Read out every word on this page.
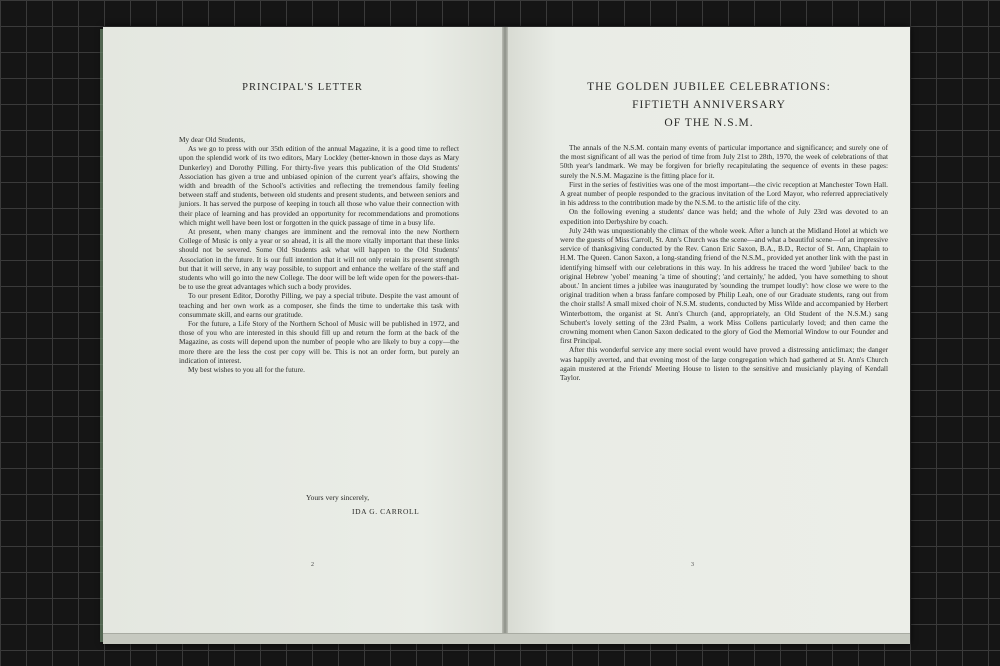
PRINCIPAL'S LETTER

My dear Old Students,

As we go to press with our 35th edition of the annual Magazine, it is a good time to reflect upon the splendid work of its two editors, Mary Lockley (better-known in those days as Mary Dunkerley) and Dorothy Pilling. For thirty-five years this publication of the Old Students' Association has given a true and unbiased opinion of the current year's affairs, showing the width and breadth of the School's activities and reflecting the tremendous family feeling between staff and students, between old students and present students, and between seniors and juniors. It has served the purpose of keeping in touch all those who value their connection with their place of learning and has provided an opportunity for recommendations and promotions which might well have been lost or forgotten in the quick passage of time in a busy life.

At present, when many changes are imminent and the removal into the new Northern College of Music is only a year or so ahead, it is all the more vitally important that these links should not be severed. Some Old Students ask what will happen to the Old Students' Association in the future. It is our full intention that it will not only retain its present strength but that it will serve, in any way possible, to support and enhance the welfare of the staff and students who will go into the new College. The door will be left wide open for the powers-that-be to use the great advantages which such a body provides.

To our present Editor, Dorothy Pilling, we pay a special tribute. Despite the vast amount of teaching and her own work as a composer, she finds the time to undertake this task with consummate skill, and earns our gratitude.

For the future, a Life Story of the Northern School of Music will be published in 1972, and those of you who are interested in this should fill up and return the form at the back of the Magazine, as costs will depend upon the number of people who are likely to buy a copy—the more there are the less the cost per copy will be. This is not an order form, but purely an indication of interest.

My best wishes to you all for the future.

Yours very sincerely,
IDA G. CARROLL
2
THE GOLDEN JUBILEE CELEBRATIONS:
FIFTIETH ANNIVERSARY
OF THE N.S.M.

The annals of the N.S.M. contain many events of particular importance and significance; and surely one of the most significant of all was the period of time from July 21st to 28th, 1970, the week of celebrations of that 50th year's landmark. We may be forgiven for briefly recapitulating the sequence of events in these pages: surely the N.S.M. Magazine is the fitting place for it.

First in the series of festivities was one of the most important—the civic reception at Manchester Town Hall. A great number of people responded to the gracious invitation of the Lord Mayor, who referred appreciatively in his address to the contribution made by the N.S.M. to the artistic life of the city.

On the following evening a students' dance was held; and the whole of July 23rd was devoted to an expedition into Derbyshire by coach.

July 24th was unquestionably the climax of the whole week. After a lunch at the Midland Hotel at which we were the guests of Miss Carroll, St. Ann's Church was the scene—and what a beautiful scene—of an impressive service of thanksgiving conducted by the Rev. Canon Eric Saxon, B.A., B.D., Rector of St. Ann, Chaplain to H.M. The Queen. Canon Saxon, a long-standing friend of the N.S.M., provided yet another link with the past in identifying himself with our celebrations in this way. In his address he traced the word 'jubilee' back to the original Hebrew 'yobel' meaning 'a time of shouting'; 'and certainly,' he added, 'you have something to shout about.' In ancient times a jubilee was inaugurated by 'sounding the trumpet loudly': how close we were to the original tradition when a brass fanfare composed by Philip Leah, one of our Graduate students, rang out from the choir stalls! A small mixed choir of N.S.M. students, conducted by Miss Wilde and accompanied by Herbert Winterbottom, the organist at St. Ann's Church (and, appropriately, an Old Student of the N.S.M.) sang Schubert's lovely setting of the 23rd Psalm, a work Miss Collens particularly loved; and then came the crowning moment when Canon Saxon dedicated to the glory of God the Memorial Window to our Founder and first Principal.

After this wonderful service any mere social event would have proved a distressing anticlimax; the danger was happily averted, and that evening most of the large congregation which had gathered at St. Ann's Church again mustered at the Friends' Meeting House to listen to the sensitive and musicianly playing of Kendall Taylor.

3
